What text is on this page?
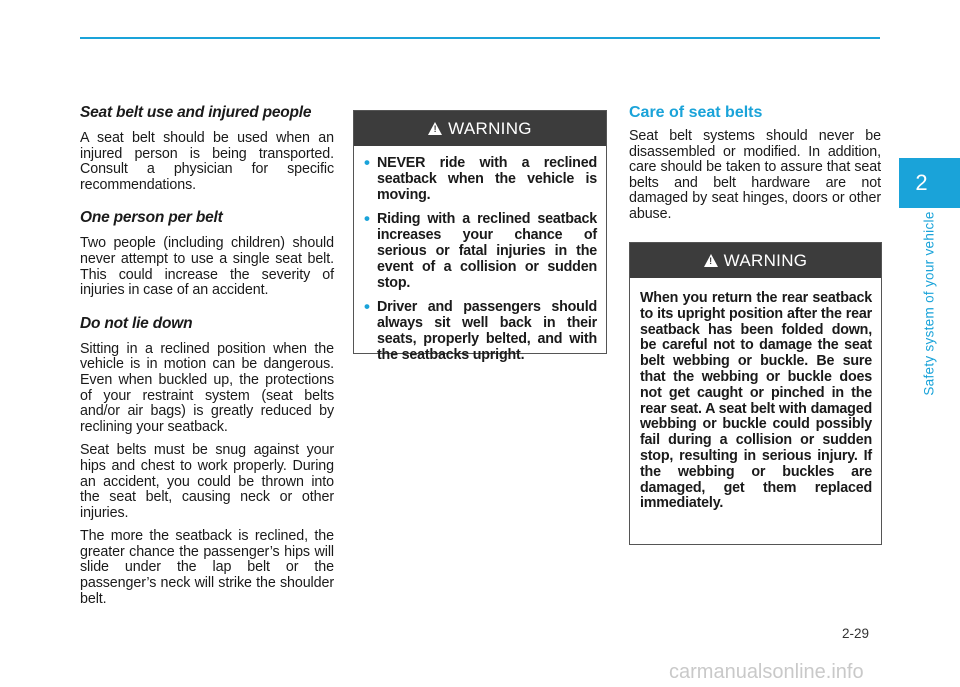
Seat belt use and injured people

A seat belt should be used when an injured person is being transported. Consult a physician for specific recommendations.

One person per belt

Two people (including children) should never attempt to use a single seat belt. This could increase the severity of injuries in case of an accident.

Do not lie down

Sitting in a reclined position when the vehicle is in motion can be dangerous. Even when buckled up, the protections of your restraint system (seat belts and/or air bags) is greatly reduced by reclining your seatback.

Seat belts must be snug against your hips and chest to work properly. During an accident, you could be thrown into the seat belt, causing neck or other injuries.

The more the seatback is reclined, the greater chance the passenger’s hips will slide under the lap belt or the passenger’s neck will strike the shoulder belt.

! WARNING
• NEVER ride with a reclined seatback when the vehicle is moving.
• Riding with a reclined seatback increases your chance of serious or fatal injuries in the event of a collision or sudden stop.
• Driver and passengers should always sit well back in their seats, properly belted, and with the seatbacks upright.
Care of seat belts

Seat belt systems should never be disassembled or modified. In addition, care should be taken to assure that seat belts and belt hardware are not damaged by seat hinges, doors or other abuse.

! WARNING
When you return the rear seatback to its upright position after the rear seatback has been folded down, be careful not to damage the seat belt webbing or buckle. Be sure that the webbing or buckle does not get caught or pinched in the rear seat. A seat belt with damaged webbing or buckle could possibly fail during a collision or sudden stop, resulting in serious injury. If the webbing or buckles are damaged, get them replaced immediately.
2
Safety system of your vehicle
2-29
carmanualsonline.info
